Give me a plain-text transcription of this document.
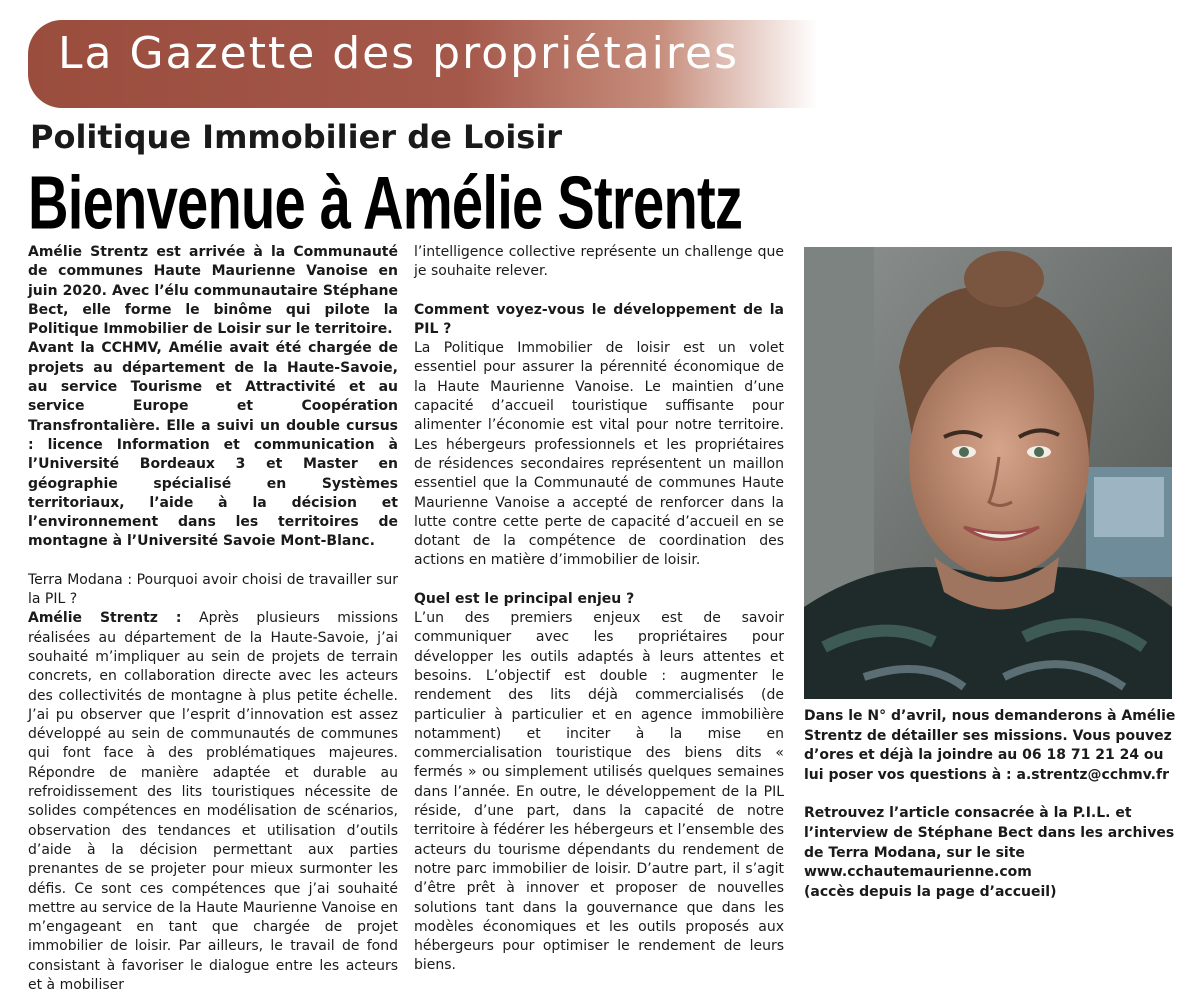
La Gazette des propriétaires
Politique Immobilier de Loisir
Bienvenue à Amélie Strentz

Amélie Strentz est arrivée à la Communauté de communes Haute Maurienne Vanoise en juin 2020. Avec l’élu communautaire Stéphane Bect, elle forme le binôme qui pilote la Politique Immobilier de Loisir sur le territoire.

Avant la CCHMV, Amélie avait été chargée de projets au département de la Haute-Savoie, au service Tourisme et Attractivité et au service Europe et Coopération Transfrontalière. Elle a suivi un double cursus : licence Information et communication à l’Université Bordeaux 3 et Master en géographie spécialisé en Systèmes territoriaux, l’aide à la décision et l’environnement dans les territoires de montagne à l’Université Savoie Mont-Blanc.

Terra Modana : Pourquoi avoir choisi de travailler sur la PIL ?

Amélie Strentz : Après plusieurs missions réalisées au département de la Haute-Savoie, j’ai souhaité m’impliquer au sein de projets de terrain concrets, en collaboration directe avec les acteurs des collectivités de montagne à plus petite échelle. J’ai pu observer que l’esprit d’innovation est assez développé au sein de communautés de communes qui font face à des problématiques majeures. Répondre de manière adaptée et durable au refroidissement des lits touristiques nécessite de solides compétences en modélisation de scénarios, observation des tendances et utilisation d’outils d’aide à la décision permettant aux parties prenantes de se projeter pour mieux surmonter les défis. Ce sont ces compétences que j’ai souhaité mettre au service de la Haute Maurienne Vanoise en m’engageant en tant que chargée de projet immobilier de loisir. Par ailleurs, le travail de fond consistant à favoriser le dialogue entre les acteurs et à mobiliser

l’intelligence collective représente un challenge que je souhaite relever.

Comment voyez-vous le développement de la PIL ?

La Politique Immobilier de loisir est un volet essentiel pour assurer la pérennité économique de la Haute Maurienne Vanoise. Le maintien d’une capacité d’accueil touristique suffisante pour alimenter l’économie est vital pour notre territoire. Les hébergeurs professionnels et les propriétaires de résidences secondaires représentent un maillon essentiel que la Communauté de communes Haute Maurienne Vanoise a accepté de renforcer dans la lutte contre cette perte de capacité d’accueil en se dotant de la compétence de coordination des actions en matière d’immobilier de loisir.

Quel est le principal enjeu ?

L’un des premiers enjeux est de savoir communiquer avec les propriétaires pour développer les outils adaptés à leurs attentes et besoins. L’objectif est double : augmenter le rendement des lits déjà commercialisés (de particulier à particulier et en agence immobilière notamment) et inciter à la mise en commercialisation touristique des biens dits « fermés » ou simplement utilisés quelques semaines dans l’année. En outre, le développement de la PIL réside, d’une part, dans la capacité de notre territoire à fédérer les hébergeurs et l’ensemble des acteurs du tourisme dépendants du rendement de notre parc immobilier de loisir. D’autre part, il s’agit d’être prêt à innover et proposer de nouvelles solutions tant dans la gouvernance que dans les modèles économiques et les outils proposés aux hébergeurs pour optimiser le rendement de leurs biens.

Dans le N° d’avril, nous demanderons à Amélie Strentz de détailler ses missions. Vous pouvez d’ores et déjà la joindre au 06 18 71 21 24 ou lui poser vos questions à : a.strentz@cchmv.fr

Retrouvez l’article consacrée à la P.I.L. et l’interview de Stéphane Bect dans les archives de Terra Modana, sur le site

www.cchautemaurienne.com

(accès depuis la page d’accueil)
